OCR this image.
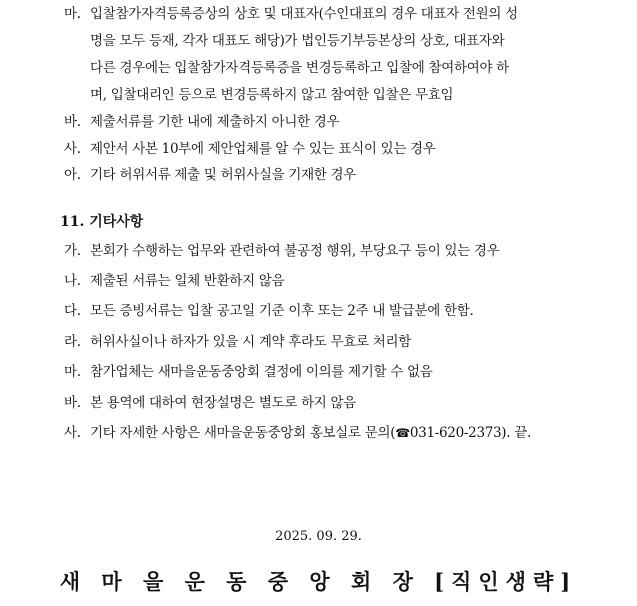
마. 입찰참가자격등록증상의 상호 및 대표자(수인대표의 경우 대표자 전원의 성
명을 모두 등재, 각자 대표도 해당)가 법인등기부등본상의 상호, 대표자와
다른 경우에는 입찰참가자격등록증을 변경등록하고 입찰에 참여하여야 하
며, 입찰대리인 등으로 변경등록하지 않고 참여한 입찰은 무효임
바. 제출서류를 기한 내에 제출하지 아니한 경우
사. 제안서 사본 10부에 제안업체를 알 수 있는 표식이 있는 경우
아. 기타 허위서류 제출 및 허위사실을 기재한 경우
11. 기타사항
가. 본회가 수행하는 업무와 관련하여 불공정 행위, 부당요구 등이 있는 경우
나. 제출된 서류는 일체 반환하지 않음
다. 모든 증빙서류는 입찰 공고일 기준 이후 또는 2주 내 발급분에 한함.
라. 허위사실이나 하자가 있을 시 계약 후라도 무효로 처리함
마. 참가업체는 새마을운동중앙회 결정에 이의를 제기할 수 없음
바. 본 용역에 대하여 현장설명은 별도로 하지 않음
사. 기타 자세한 사항은 새마을운동중앙회 홍보실로 문의(☎031-620-2373). 끝.
2025. 09. 29.
새 마 을 운 동 중 앙 회 장 [직인생략]
